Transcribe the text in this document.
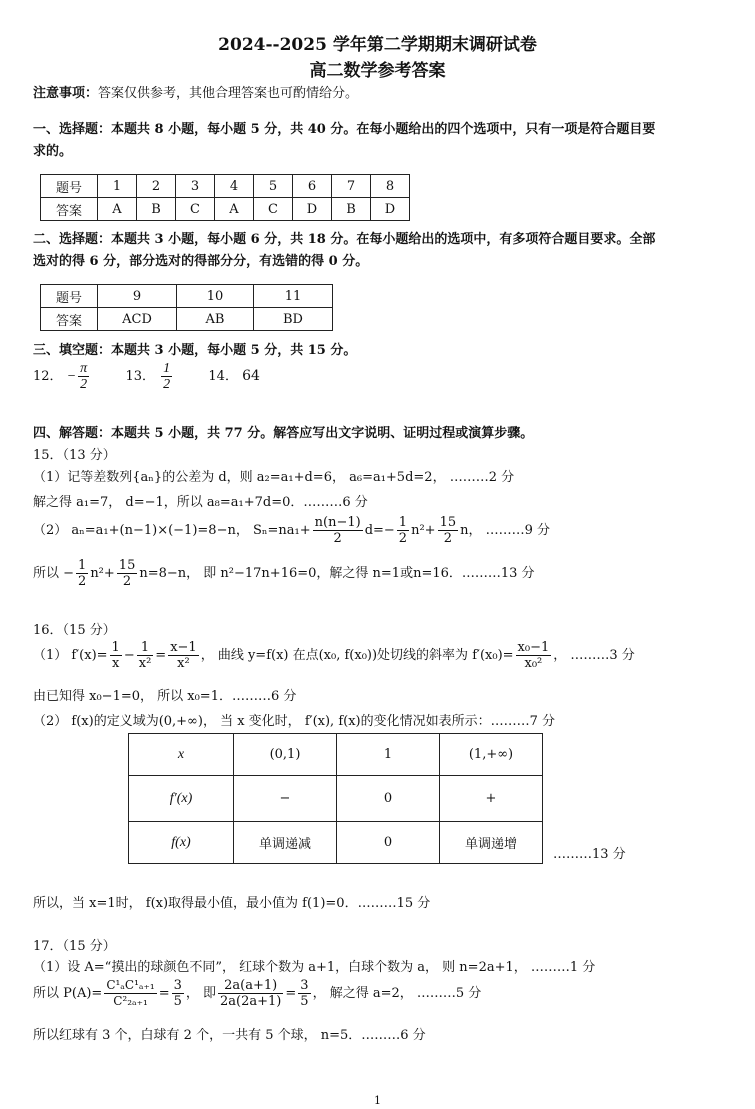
2024--2025 学年第二学期期末调研试卷
高二数学参考答案
注意事项：答案仅供参考，其他合理答案也可酌情给分。
一、选择题：本题共 8 小题，每小题 5 分，共 40 分。在每小题给出的四个选项中，只有一项是符合题目要
求的。
题号	1	2	3	4	5	6	7	8
答案	A	B	C	A	C	D	B	D
二、选择题：本题共 3 小题，每小题 6 分，共 18 分。在每小题给出的选项中，有多项符合题目要求。全部
选对的得 6 分，部分选对的得部分分，有选错的得 0 分。
题号	9	10	11
答案	ACD	AB	BD
三、填空题：本题共 3 小题，每小题 5 分，共 15 分。
12． − $\frac{\pi}{2}$	13． $\frac{1}{2}$	14． 64
四、解答题：本题共 5 小题，共 77 分。解答应写出文字说明、证明过程或演算步骤。
15．（13 分）
（1）记等差数列{aₙ}的公差为 d，则 a₂=a₁+d=6， a₆=a₁+5d=2， ………2 分
解之得 a₁=7， d=−1，所以 a₈=a₁+7d=0．………6 分
（2） aₙ=a₁+(n−1)×(−1)=8−n， $S_n=na_1+ \frac{n(n-1)}{2} d=- \frac{1}{2} n^2+ \frac{15}{2}$ n， ………9 分
所以 − $\frac{1}{2} n^2+ \frac{15}{2} n=8-n$， 即 n²−17n+16=0，解之得 n=1或n=16．………13 分
16．（15 分）
（1） $f'(x)= \frac{1}{x} - \frac{1}{\text{x²}} = \frac{x-1}{\text{x²}}$ ， 曲线 y=f(x) 在点(x₀, f(x₀))处切线的斜率为 $f'(x_0)= \frac{\text{x₀−1}}{\text{x₀²}}$ ， ………3 分
由已知得 x₀−1=0， 所以 x₀=1．………6 分
（2） f(x)的定义域为(0,+∞)， 当 x 变化时， f′(x), f(x)的变化情况如表所示：………7 分
x	(0,1)	1	(1,+∞)
f′(x)	−	0	+
f(x)	单调递减	0	单调递增
………13 分
所以，当 x=1时， f(x)取得最小值，最小值为 f(1)=0．………15 分
17．（15 分）
（1）设 A=“摸出的球颜色不同”， 红球个数为 a+1，白球个数为 a， 则 n=2a+1， ………1 分
所以 $P(A)= \frac{\text{C¹ₐC¹ₐ₊₁}}{\text{C²₂ₐ₊₁}} = \frac{3}{5}$ ， 即 $\frac{2a(a+1)}{2a(2a+1)} = \frac{3}{5}$ ， 解之得 a=2， ………5 分
所以红球有 3 个，白球有 2 个，一共有 5 个球， n=5．………6 分
1
